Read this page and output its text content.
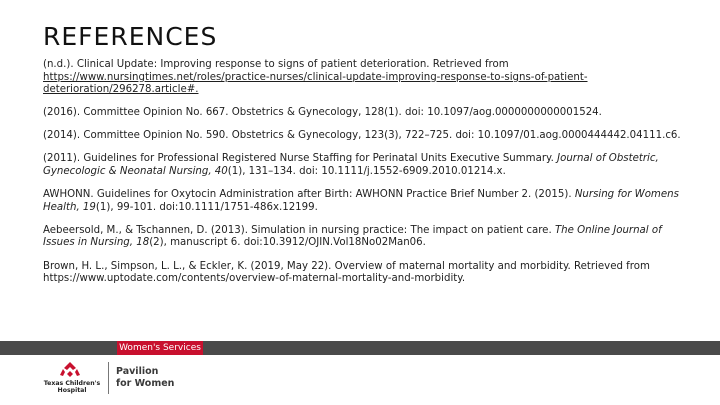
REFERENCES

(n.d.). Clinical Update: Improving response to signs of patient deterioration. Retrieved from https://www.nursingtimes.net/roles/practice-nurses/clinical-update-improving-response-to-signs-of-patient-deterioration/296278.article#.

(2016). Committee Opinion No. 667. Obstetrics & Gynecology, 128(1). doi: 10.1097/aog.0000000000001524.

(2014). Committee Opinion No. 590. Obstetrics & Gynecology, 123(3), 722–725. doi: 10.1097/01.aog.0000444442.04111.c6.

(2011). Guidelines for Professional Registered Nurse Staffing for Perinatal Units Executive Summary. Journal of Obstetric, Gynecologic & Neonatal Nursing, 40(1), 131–134. doi: 10.1111/j.1552-6909.2010.01214.x.

AWHONN. Guidelines for Oxytocin Administration after Birth: AWHONN Practice Brief Number 2. (2015). Nursing for Womens Health, 19(1), 99-101. doi:10.1111/1751-486x.12199.

Aebeersold, M., & Tschannen, D. (2013). Simulation in nursing practice: The impact on patient care. The Online Journal of Issues in Nursing, 18(2), manuscript 6. doi:10.3912/OJIN.Vol18No02Man06.

Brown, H. L., Simpson, L. L., & Eckler, K. (2019, May 22). Overview of maternal mortality and morbidity. Retrieved from https://www.uptodate.com/contents/overview-of-maternal-mortality-and-morbidity.

Women's Services
Texas Children's
Hospital
Pavilion
for Women
